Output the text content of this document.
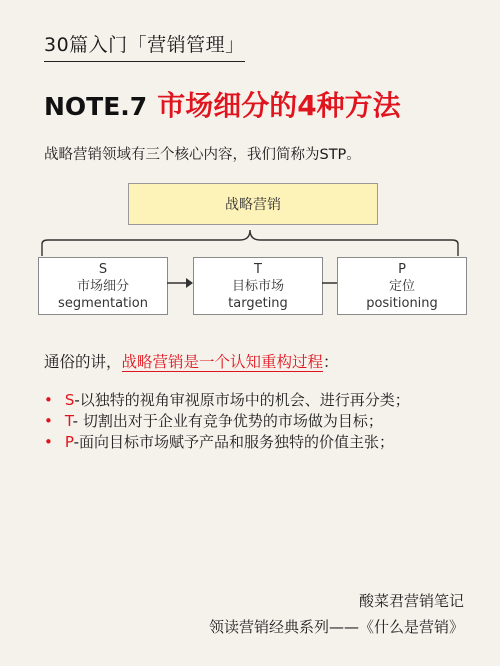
30篇入门「营销管理」
NOTE.7 市场细分的4种方法
战略营销领域有三个核心内容，我们简称为STP。
战略营销
S
市场细分
segmentation
T
目标市场
targeting
P
定位
positioning
通俗的讲，战略营销是一个认知重构过程：
• S-以独特的视角审视原市场中的机会、进行再分类；
• T- 切割出对于企业有竞争优势的市场做为目标；
• P-面向目标市场赋予产品和服务独特的价值主张；
酸菜君营销笔记
领读营销经典系列——《什么是营销》
